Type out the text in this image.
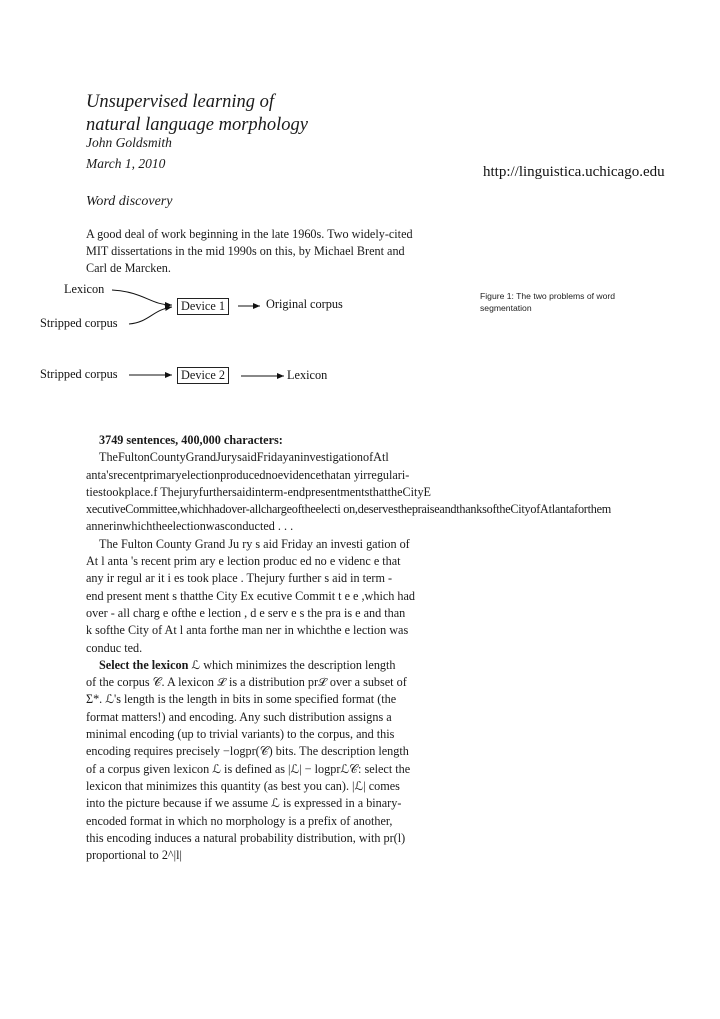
Unsupervised learning of
natural language morphology
John Goldsmith
March 1, 2010
http://linguistica.uchicago.edu
Word discovery
A good deal of work beginning in the late 1960s. Two widely-cited
MIT dissertations in the mid 1990s on this, by Michael Brent and
Carl de Marcken.
Figure 1: The two problems of word
segmentation
Lexicon
Stripped corpus
Device 1	Original corpus
Stripped corpus	Device 2	Lexicon

3749 sentences, 400,000 characters:

TheFultonCountyGrandJurysaidFridayaninvestigationofAtl

anta'srecentprimaryelectionproducednoevidencethatan yirregulari-

tiestookplace.f Thejuryfurthersaidinterm-endpresentmentsthattheCityE

xecutiveCommittee,whichhadover-allchargeoftheelecti on,deservesthepraiseandthanksoftheCityofAtlantaforthem

annerinwhichtheelectionwasconducted . . .

The Fulton County Grand Ju ry s aid Friday an investi gation of

At l anta 's recent prim ary e lection produc ed no e videnc e that

any ir regul ar it i es took place . Thejury further s aid in term -

end present ment s thatthe City Ex ecutive Commit t e e ,which had

over - all charg e ofthe e lection , d e serv e s the pra is e and than

k softhe City of At l anta forthe man ner in whichthe e lection was

conduc ted.

Select the lexicon ℒ which minimizes the description length

of the corpus 𝒞. A lexicon ℒ is a distribution prℒ over a subset of

Σ*. ℒ's length is the length in bits in some specified format (the

format matters!) and encoding. Any such distribution assigns a

minimal encoding (up to trivial variants) to the corpus, and this

encoding requires precisely −logpr(𝒞) bits. The description length

of a corpus given lexicon ℒ is defined as |ℒ| − logprℒ𝒞: select the

lexicon that minimizes this quantity (as best you can). |ℒ| comes

into the picture because if we assume ℒ is expressed in a binary-

encoded format in which no morphology is a prefix of another,

this encoding induces a natural probability distribution, with pr(l)

proportional to 2^|l|
